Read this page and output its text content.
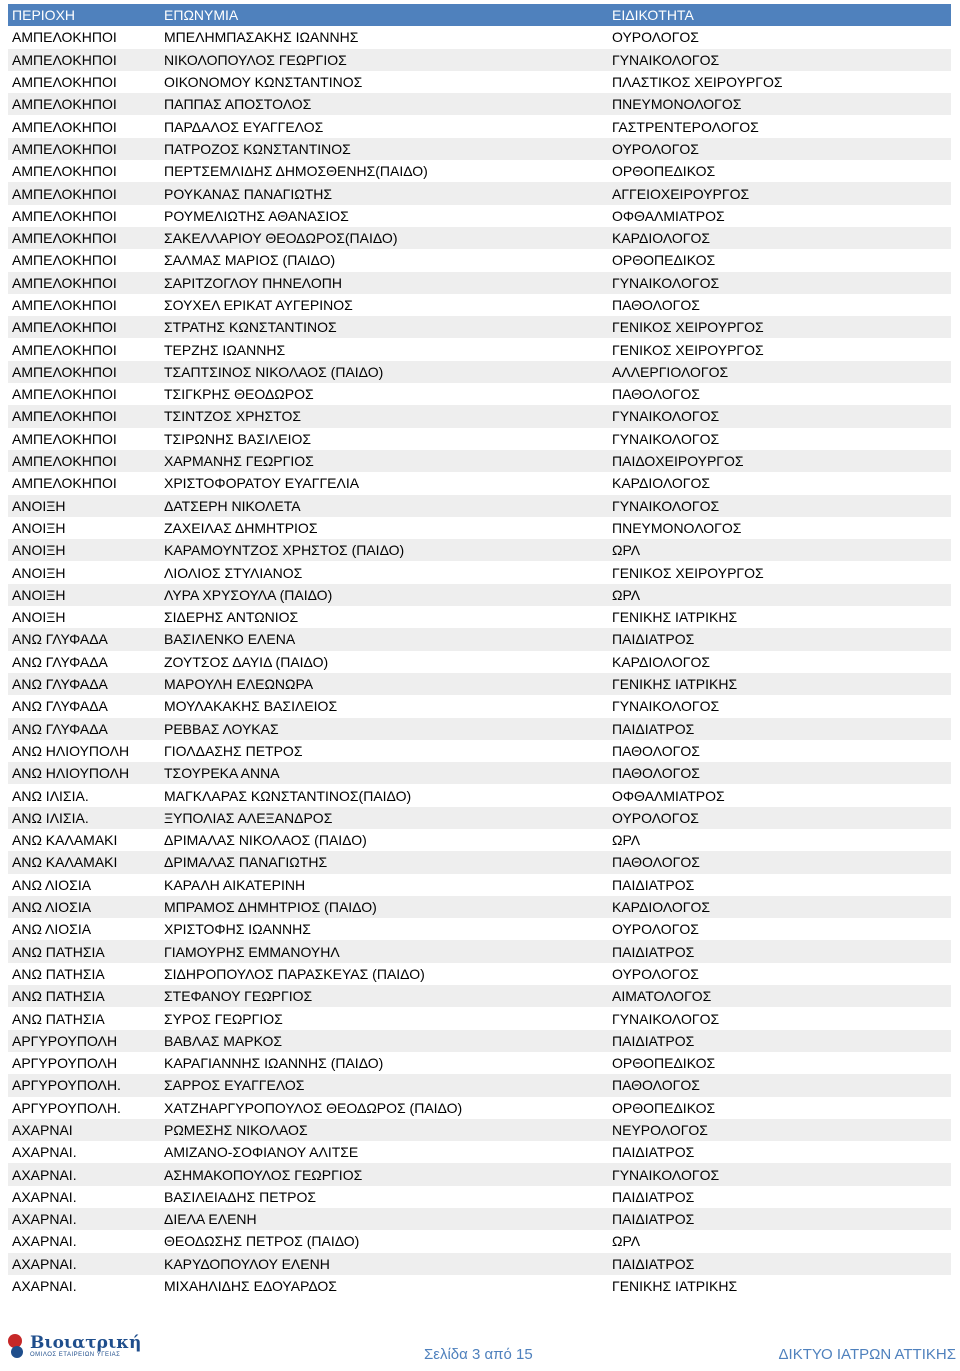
ΠΕΡΙΟΧΗ	ΕΠΩΝΥΜΙΑ	ΕΙΔΙΚΟΤΗΤΑ
ΑΜΠΕΛΟΚΗΠΟΙ	ΜΠΕΛΗΜΠΑΣΑΚΗΣ ΙΩΑΝΝΗΣ	ΟΥΡΟΛΟΓΟΣ
ΑΜΠΕΛΟΚΗΠΟΙ	ΝΙΚΟΛΟΠΟΥΛΟΣ ΓΕΩΡΓΙΟΣ	ΓΥΝΑΙΚΟΛΟΓΟΣ
ΑΜΠΕΛΟΚΗΠΟΙ	ΟΙΚΟΝΟΜΟΥ ΚΩΝΣΤΑΝΤΙΝΟΣ	ΠΛΑΣΤΙΚΟΣ ΧΕΙΡΟΥΡΓΟΣ
ΑΜΠΕΛΟΚΗΠΟΙ	ΠΑΠΠΑΣ ΑΠΟΣΤΟΛΟΣ	ΠΝΕΥΜΟΝΟΛΟΓΟΣ
ΑΜΠΕΛΟΚΗΠΟΙ	ΠΑΡΔΑΛΟΣ ΕΥΑΓΓΕΛΟΣ	ΓΑΣΤΡΕΝΤΕΡΟΛΟΓΟΣ
ΑΜΠΕΛΟΚΗΠΟΙ	ΠΑΤΡΟΖΟΣ ΚΩΝΣΤΑΝΤΙΝΟΣ	ΟΥΡΟΛΟΓΟΣ
ΑΜΠΕΛΟΚΗΠΟΙ	ΠΕΡΤΣΕΜΛΙΔΗΣ ΔΗΜΟΣΘΕΝΗΣ(ΠΑΙΔΟ)	ΟΡΘΟΠΕΔΙΚΟΣ
ΑΜΠΕΛΟΚΗΠΟΙ	ΡΟΥΚΑΝΑΣ ΠΑΝΑΓΙΩΤΗΣ	ΑΓΓΕΙΟΧΕΙΡΟΥΡΓΟΣ
ΑΜΠΕΛΟΚΗΠΟΙ	ΡΟΥΜΕΛΙΩΤΗΣ ΑΘΑΝΑΣΙΟΣ	ΟΦΘΑΛΜΙΑΤΡΟΣ
ΑΜΠΕΛΟΚΗΠΟΙ	ΣΑΚΕΛΛΑΡΙΟΥ ΘΕΟΔΩΡΟΣ(ΠΑΙΔΟ)	ΚΑΡΔΙΟΛΟΓΟΣ
ΑΜΠΕΛΟΚΗΠΟΙ	ΣΑΛΜΑΣ ΜΑΡΙΟΣ (ΠΑΙΔΟ)	ΟΡΘΟΠΕΔΙΚΟΣ
ΑΜΠΕΛΟΚΗΠΟΙ	ΣΑΡΙΤΖΟΓΛΟΥ ΠΗΝΕΛΟΠΗ	ΓΥΝΑΙΚΟΛΟΓΟΣ
ΑΜΠΕΛΟΚΗΠΟΙ	ΣΟΥΧΕΛ ΕΡΙΚΑΤ ΑΥΓΕΡΙΝΟΣ	ΠΑΘΟΛΟΓΟΣ
ΑΜΠΕΛΟΚΗΠΟΙ	ΣΤΡΑΤΗΣ ΚΩΝΣΤΑΝΤΙΝΟΣ	ΓΕΝΙΚΟΣ ΧΕΙΡΟΥΡΓΟΣ
ΑΜΠΕΛΟΚΗΠΟΙ	ΤΕΡΖΗΣ ΙΩΑΝΝΗΣ	ΓΕΝΙΚΟΣ ΧΕΙΡΟΥΡΓΟΣ
ΑΜΠΕΛΟΚΗΠΟΙ	ΤΣΑΠΤΣΙΝΟΣ ΝΙΚΟΛΑΟΣ (ΠΑΙΔΟ)	ΑΛΛΕΡΓΙΟΛΟΓΟΣ
ΑΜΠΕΛΟΚΗΠΟΙ	ΤΣΙΓΚΡΗΣ ΘΕΟΔΩΡΟΣ	ΠΑΘΟΛΟΓΟΣ
ΑΜΠΕΛΟΚΗΠΟΙ	ΤΣΙΝΤΖΟΣ ΧΡΗΣΤΟΣ	ΓΥΝΑΙΚΟΛΟΓΟΣ
ΑΜΠΕΛΟΚΗΠΟΙ	ΤΣΙΡΩΝΗΣ ΒΑΣΙΛΕΙΟΣ	ΓΥΝΑΙΚΟΛΟΓΟΣ
ΑΜΠΕΛΟΚΗΠΟΙ	ΧΑΡΜΑΝΗΣ ΓΕΩΡΓΙΟΣ	ΠΑΙΔΟΧΕΙΡΟΥΡΓΟΣ
ΑΜΠΕΛΟΚΗΠΟΙ	ΧΡΙΣΤΟΦΟΡΑΤΟΥ ΕΥΑΓΓΕΛΙΑ	ΚΑΡΔΙΟΛΟΓΟΣ
ΑΝΟΙΞΗ	ΔΑΤΣΕΡΗ ΝΙΚΟΛΕΤΑ	ΓΥΝΑΙΚΟΛΟΓΟΣ
ΑΝΟΙΞΗ	ΖΑΧΕΙΛΑΣ ΔΗΜΗΤΡΙΟΣ	ΠΝΕΥΜΟΝΟΛΟΓΟΣ
ΑΝΟΙΞΗ	ΚΑΡΑΜΟΥΝΤΖΟΣ ΧΡΗΣΤΟΣ (ΠΑΙΔΟ)	ΩΡΛ
ΑΝΟΙΞΗ	ΛΙΟΛΙΟΣ ΣΤΥΛΙΑΝΟΣ	ΓΕΝΙΚΟΣ ΧΕΙΡΟΥΡΓΟΣ
ΑΝΟΙΞΗ	ΛΥΡΑ ΧΡΥΣΟΥΛΑ (ΠΑΙΔΟ)	ΩΡΛ
ΑΝΟΙΞΗ	ΣΙΔΕΡΗΣ ΑΝΤΩΝΙΟΣ	ΓΕΝΙΚΗΣ ΙΑΤΡΙΚΗΣ
ΑΝΩ ΓΛΥΦΑΔΑ	ΒΑΣΙΛΕΝΚΟ ΕΛΕΝΑ	ΠΑΙΔΙΑΤΡΟΣ
ΑΝΩ ΓΛΥΦΑΔΑ	ΖΟΥΤΣΟΣ ΔΑΥΙΔ (ΠΑΙΔΟ)	ΚΑΡΔΙΟΛΟΓΟΣ
ΑΝΩ ΓΛΥΦΑΔΑ	ΜΑΡΟΥΛΗ ΕΛΕΩΝΩΡΑ	ΓΕΝΙΚΗΣ ΙΑΤΡΙΚΗΣ
ΑΝΩ ΓΛΥΦΑΔΑ	ΜΟΥΛΑΚΑΚΗΣ ΒΑΣΙΛΕΙΟΣ	ΓΥΝΑΙΚΟΛΟΓΟΣ
ΑΝΩ ΓΛΥΦΑΔΑ	ΡΕΒΒΑΣ ΛΟΥΚΑΣ	ΠΑΙΔΙΑΤΡΟΣ
ΑΝΩ ΗΛΙΟΥΠΟΛΗ	ΓΙΟΛΔΑΣΗΣ ΠΕΤΡΟΣ	ΠΑΘΟΛΟΓΟΣ
ΑΝΩ ΗΛΙΟΥΠΟΛΗ	ΤΣΟΥΡΕΚΑ ΑΝΝΑ	ΠΑΘΟΛΟΓΟΣ
ΑΝΩ ΙΛΙΣΙΑ.	ΜΑΓΚΛΑΡΑΣ ΚΩΝΣΤΑΝΤΙΝΟΣ(ΠΑΙΔΟ)	ΟΦΘΑΛΜΙΑΤΡΟΣ
ΑΝΩ ΙΛΙΣΙΑ.	ΞΥΠΟΛΙΑΣ ΑΛΕΞΑΝΔΡΟΣ	ΟΥΡΟΛΟΓΟΣ
ΑΝΩ ΚΑΛΑΜΑΚΙ	ΔΡΙΜΑΛΑΣ ΝΙΚΟΛΑΟΣ (ΠΑΙΔΟ)	ΩΡΛ
ΑΝΩ ΚΑΛΑΜΑΚΙ	ΔΡΙΜΑΛΑΣ ΠΑΝΑΓΙΩΤΗΣ	ΠΑΘΟΛΟΓΟΣ
ΑΝΩ ΛΙΟΣΙΑ	ΚΑΡΑΛΗ ΑΙΚΑΤΕΡΙΝΗ	ΠΑΙΔΙΑΤΡΟΣ
ΑΝΩ ΛΙΟΣΙΑ	ΜΠΡΑΜΟΣ ΔΗΜΗΤΡΙΟΣ (ΠΑΙΔΟ)	ΚΑΡΔΙΟΛΟΓΟΣ
ΑΝΩ ΛΙΟΣΙΑ	ΧΡΙΣΤΟΦΗΣ ΙΩΑΝΝΗΣ	ΟΥΡΟΛΟΓΟΣ
ΑΝΩ ΠΑΤΗΣΙΑ	ΓΙΑΜΟΥΡΗΣ ΕΜΜΑΝΟΥΗΛ	ΠΑΙΔΙΑΤΡΟΣ
ΑΝΩ ΠΑΤΗΣΙΑ	ΣΙΔΗΡΟΠΟΥΛΟΣ ΠΑΡΑΣΚΕΥΑΣ (ΠΑΙΔΟ)	ΟΥΡΟΛΟΓΟΣ
ΑΝΩ ΠΑΤΗΣΙΑ	ΣΤΕΦΑΝΟΥ ΓΕΩΡΓΙΟΣ	ΑΙΜΑΤΟΛΟΓΟΣ
ΑΝΩ ΠΑΤΗΣΙΑ	ΣΥΡΟΣ ΓΕΩΡΓΙΟΣ	ΓΥΝΑΙΚΟΛΟΓΟΣ
ΑΡΓΥΡΟΥΠΟΛΗ	ΒΑΒΛΑΣ ΜΑΡΚΟΣ	ΠΑΙΔΙΑΤΡΟΣ
ΑΡΓΥΡΟΥΠΟΛΗ	ΚΑΡΑΓΙΑΝΝΗΣ ΙΩΑΝΝΗΣ (ΠΑΙΔΟ)	ΟΡΘΟΠΕΔΙΚΟΣ
ΑΡΓΥΡΟΥΠΟΛΗ.	ΣΑΡΡΟΣ ΕΥΑΓΓΕΛΟΣ	ΠΑΘΟΛΟΓΟΣ
ΑΡΓΥΡΟΥΠΟΛΗ.	ΧΑΤΖΗΑΡΓΥΡΟΠΟΥΛΟΣ ΘΕΟΔΩΡΟΣ (ΠΑΙΔΟ)	ΟΡΘΟΠΕΔΙΚΟΣ
ΑΧΑΡΝΑΙ	ΡΩΜΕΣΗΣ ΝΙΚΟΛΑΟΣ	ΝΕΥΡΟΛΟΓΟΣ
ΑΧΑΡΝΑΙ.	ΑΜΙΖΑΝΟ-ΣΟΦΙΑΝΟΥ ΑΛΙΤΣΕ	ΠΑΙΔΙΑΤΡΟΣ
ΑΧΑΡΝΑΙ.	ΑΣΗΜΑΚΟΠΟΥΛΟΣ ΓΕΩΡΓΙΟΣ	ΓΥΝΑΙΚΟΛΟΓΟΣ
ΑΧΑΡΝΑΙ.	ΒΑΣΙΛΕΙΑΔΗΣ ΠΕΤΡΟΣ	ΠΑΙΔΙΑΤΡΟΣ
ΑΧΑΡΝΑΙ.	ΔΙΕΛΑ ΕΛΕΝΗ	ΠΑΙΔΙΑΤΡΟΣ
ΑΧΑΡΝΑΙ.	ΘΕΟΔΩΣΗΣ ΠΕΤΡΟΣ (ΠΑΙΔΟ)	ΩΡΛ
ΑΧΑΡΝΑΙ.	ΚΑΡΥΔΟΠΟΥΛΟΥ ΕΛΕΝΗ	ΠΑΙΔΙΑΤΡΟΣ
ΑΧΑΡΝΑΙ.	ΜΙΧΑΗΛΙΔΗΣ ΕΔΟΥΑΡΔΟΣ	ΓΕΝΙΚΗΣ ΙΑΤΡΙΚΗΣ
Βιοιατρική
ΟΜΙΛΟΣ ΕΤΑΙΡΕΙΩΝ ΥΓΕΙΑΣ	Σελίδα 3 από 15	ΔΙΚΤΥΟ ΙΑΤΡΩΝ ΑΤΤΙΚΗΣ
